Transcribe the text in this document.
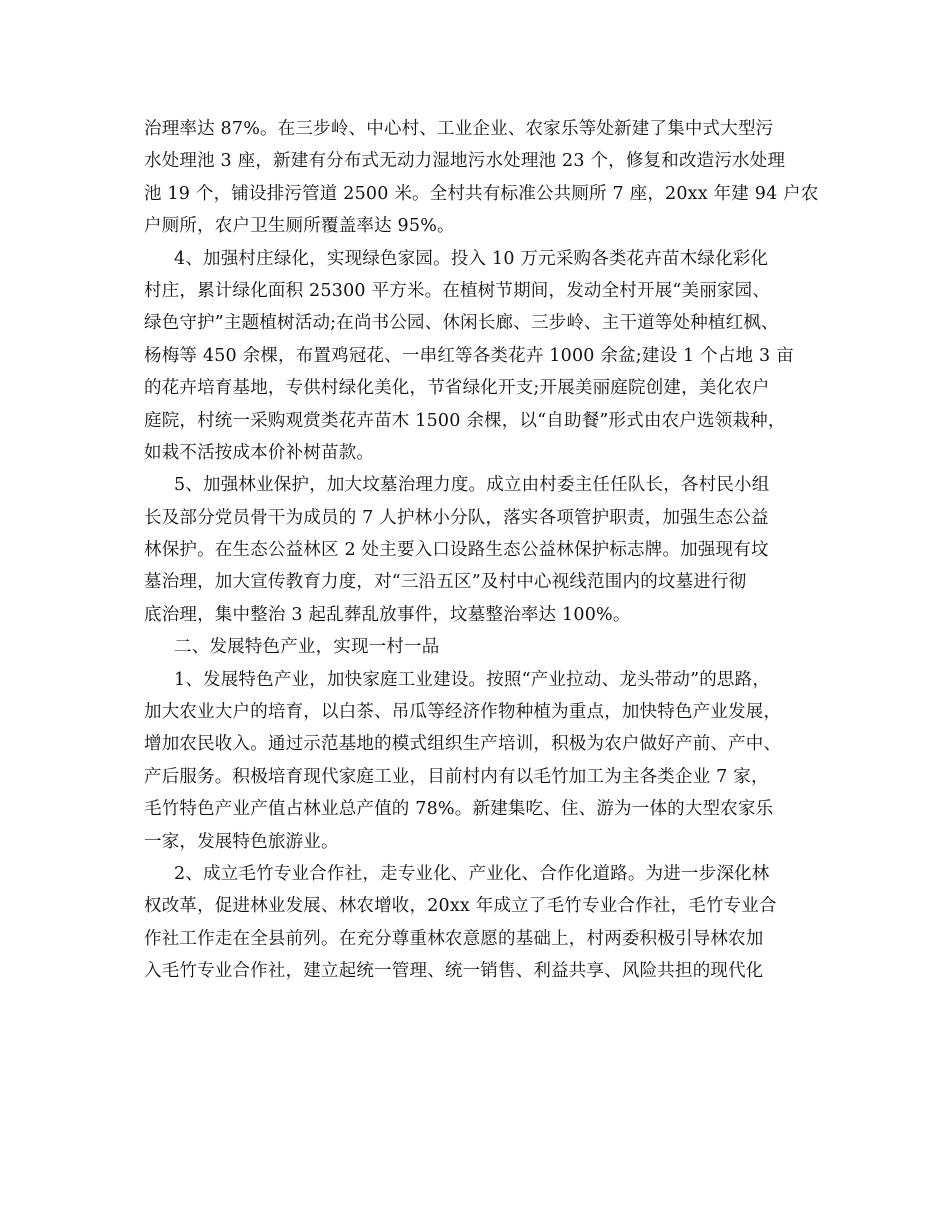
治理率达 87%。在三步岭、中心村、工业企业、农家乐等处新建了集中式大型污
水处理池 3 座，新建有分布式无动力湿地污水处理池 23 个，修复和改造污水处理
池 19 个，铺设排污管道 2500 米。全村共有标准公共厕所 7 座，20xx 年建 94 户农
户厕所，农户卫生厕所覆盖率达 95%。
4、加强村庄绿化，实现绿色家园。投入 10 万元采购各类花卉苗木绿化彩化
村庄，累计绿化面积 25300 平方米。在植树节期间，发动全村开展“美丽家园、
绿色守护”主题植树活动;在尚书公园、休闲长廊、三步岭、主干道等处种植红枫、
杨梅等 450 余棵，布置鸡冠花、一串红等各类花卉 1000 余盆;建设 1 个占地 3 亩
的花卉培育基地，专供村绿化美化，节省绿化开支;开展美丽庭院创建，美化农户
庭院，村统一采购观赏类花卉苗木 1500 余棵，以“自助餐”形式由农户选领栽种，
如栽不活按成本价补树苗款。
5、加强林业保护，加大坟墓治理力度。成立由村委主任任队长，各村民小组
长及部分党员骨干为成员的 7 人护林小分队，落实各项管护职责，加强生态公益
林保护。在生态公益林区 2 处主要入口设路生态公益林保护标志牌。加强现有坟
墓治理，加大宣传教育力度，对“三沿五区”及村中心视线范围内的坟墓进行彻
底治理，集中整治 3 起乱葬乱放事件，坟墓整治率达 100%。
二、发展特色产业，实现一村一品
1、发展特色产业，加快家庭工业建设。按照“产业拉动、龙头带动”的思路，
加大农业大户的培育，以白茶、吊瓜等经济作物种植为重点，加快特色产业发展，
增加农民收入。通过示范基地的模式组织生产培训，积极为农户做好产前、产中、
产后服务。积极培育现代家庭工业，目前村内有以毛竹加工为主各类企业 7 家，
毛竹特色产业产值占林业总产值的 78%。新建集吃、住、游为一体的大型农家乐
一家，发展特色旅游业。
2、成立毛竹专业合作社，走专业化、产业化、合作化道路。为进一步深化林
权改革，促进林业发展、林农增收，20xx 年成立了毛竹专业合作社，毛竹专业合
作社工作走在全县前列。在充分尊重林农意愿的基础上，村两委积极引导林农加
入毛竹专业合作社，建立起统一管理、统一销售、利益共享、风险共担的现代化
